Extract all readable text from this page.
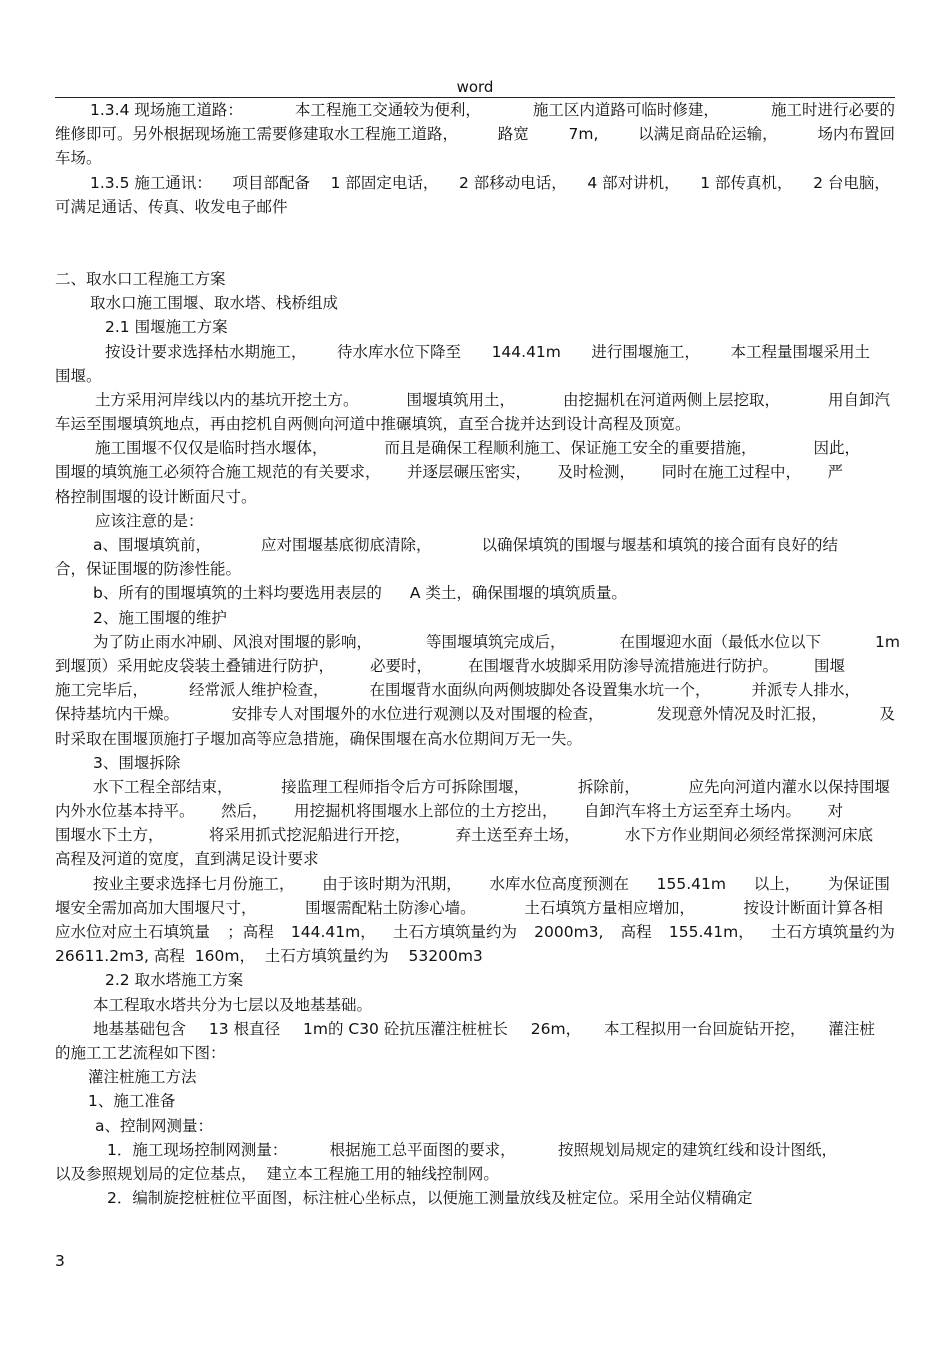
word
1.3.4 现场施工道路：	本工程施工交通较为便利，	施工区内道路可临时修建，	施工时进行必要的
维修即可。另外根据现场施工需要修建取水工程施工道路，	路宽	7m,	以满足商品砼运输，	场内布置回
车场。
1.3.5 施工通讯： 项目部配备 1 部固定电话， 2 部移动电话， 4 部对讲机， 1 部传真机， 2 台电脑，
可满足通话、传真、收发电子邮件
二、取水口工程施工方案
取水口施工围堰、取水塔、栈桥组成
2.1 围堰施工方案
按设计要求选择枯水期施工， 待水库水位下降至 144.41m 进行围堰施工， 本工程量围堰采用土
围堰。
土方采用河岸线以内的基坑开挖土方。	围堰填筑用土，	由挖掘机在河道两侧上层挖取，	用自卸汽
车运至围堰填筑地点，再由挖机自两侧向河道中推碾填筑，直至合拢并达到设计高程及顶宽。
施工围堰不仅仅是临时挡水堰体，	而且是确保工程顺利施工、保证施工安全的重要措施，	因此，
围堰的填筑施工必须符合施工规范的有关要求， 并逐层碾压密实， 及时检测， 同时在施工过程中， 严
格控制围堰的设计断面尺寸。
应该注意的是：
a、围堰填筑前，	应对围堰基底彻底清除，	以确保填筑的围堰与堰基和填筑的接合面有良好的结
合，保证围堰的防渗性能。
b、所有的围堰填筑的土料均要选用表层的 A 类土，确保围堰的填筑质量。
2、施工围堰的维护
为了防止雨水冲刷、风浪对围堰的影响，	等围堰填筑完成后，	在围堰迎水面（最低水位以下	1m
到堰顶）采用蛇皮袋装土叠铺进行防护， 必要时， 在围堰背水坡脚采用防渗导流措施进行防护。 围堰
施工完毕后，	经常派人维护检查，	在围堰背水面纵向两侧坡脚处各设置集水坑一个，	并派专人排水，
保持基坑内干燥。	安排专人对围堰外的水位进行观测以及对围堰的检查，	发现意外情况及时汇报，	及
时采取在围堰顶施打子堰加高等应急措施，确保围堰在高水位期间万无一失。
3、围堰拆除
水下工程全部结束，	接监理工程师指令后方可拆除围堰，	拆除前，	应先向河道内灌水以保持围堰
内外水位基本持平。 然后， 用挖掘机将围堰水上部位的土方挖出， 自卸汽车将土方运至弃土场内。 对
围堰水下土方，	将采用抓式挖泥船进行开挖，	弃土送至弃土场，	水下方作业期间必须经常探测河床底
高程及河道的宽度，直到满足设计要求
按业主要求选择七月份施工， 由于该时期为汛期， 水库水位高度预测在 155.41m 以上， 为保证围
堰安全需加高加大围堰尺寸，	围堰需配粘土防渗心墙。	土石填筑方量相应增加，	按设计断面计算各相
应水位对应土石填筑量 ；高程 144.41m， 土石方填筑量约为 2000m3, 高程 155.41m， 土石方填筑量约为
26611.2m3, 高程  160m，  土石方填筑量约为    53200m3
2.2 取水塔施工方案
本工程取水塔共分为七层以及地基基础。
地基基础包含 13 根直径 1m的 C30 砼抗压灌注桩桩长 26m， 本工程拟用一台回旋钻开挖， 灌注桩
的施工工艺流程如下图：
灌注桩施工方法
1、施工准备
a、控制网测量：
1．施工现场控制网测量：	根据施工总平面图的要求，	按照规划局规定的建筑红线和设计图纸，
以及参照规划局的定位基点，  建立本工程施工用的轴线控制网。
2．编制旋挖桩桩位平面图，标注桩心坐标点，以便施工测量放线及桩定位。采用全站仪精确定
3
